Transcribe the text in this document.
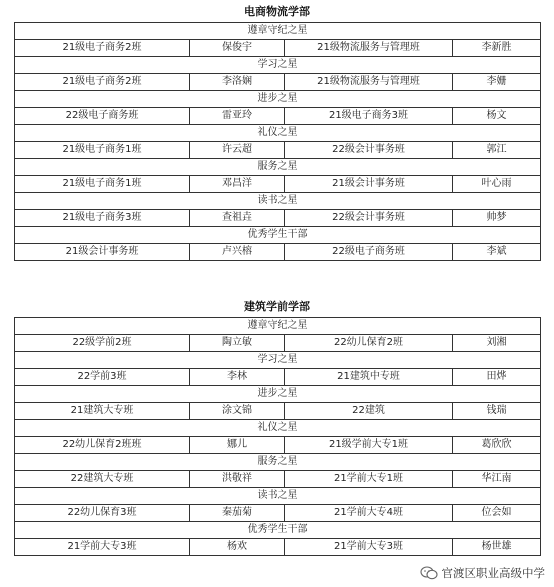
电商物流学部
遵章守纪之星			
21级电子商务2班	保俊宇	21级物流服务与管理班	李新胜
学习之星			
21级电子商务2班	李洛娴	21级物流服务与管理班	李姗
进步之星			
22级电子商务班	雷亚玲	21级电子商务3班	杨文
礼仪之星			
21级电子商务1班	许云超	22级会计事务班	郭江
服务之星			
21级电子商务1班	邓昌洋	21级会计事务班	叶心雨
读书之星			
21级电子商务3班	查祖垚	22级会计事务班	帅梦
优秀学生干部			
21级会计事务班	卢兴榕	22级电子商务班	李斌
建筑学前学部
遵章守纪之星			
22级学前2班	陶立敏	22幼儿保育2班	刘湘
学习之星			
22学前3班	李林	21建筑中专班	田烨
进步之星			
21建筑大专班	涂文锦	22建筑	钱瑞
礼仪之星			
22幼儿保育2班班	娜儿	21级学前大专1班	葛欣欣
服务之星			
22建筑大专班	洪敬祥	21学前大专1班	华江南
读书之星			
22幼儿保育3班	秦茄菊	21学前大专4班	位会如
优秀学生干部			
21学前大专3班	杨欢	21学前大专3班	杨世雄
官渡区职业高级中学
